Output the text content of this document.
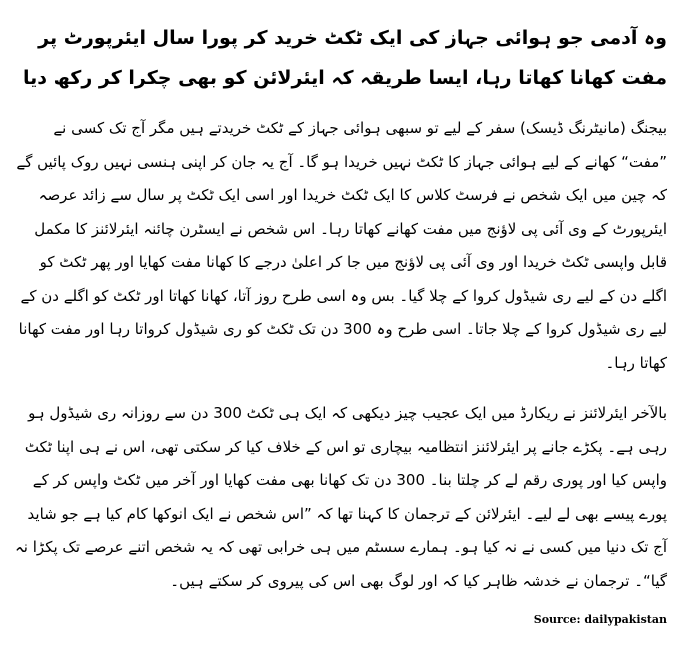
وہ آدمی جو ہوائی جہاز کی ایک ٹکٹ خرید کر پورا سال ایئرپورٹ پر مفت کھانا کھاتا رہا، ایسا طریقہ کہ ایئرلائن کو بھی چکرا کر رکھ دیا

بیجنگ (مانیٹرنگ ڈیسک) سفر کے لیے تو سبھی ہوائی جہاز کے ٹکٹ خریدتے ہیں مگر آج تک کسی نے ”مفت“ کھانے کے لیے ہوائی جہاز کا ٹکٹ نہیں خریدا ہو گا۔ آج یہ جان کر اپنی ہنسی نہیں روک پائیں گے کہ چین میں ایک شخص نے فرسٹ کلاس کا ایک ٹکٹ خریدا اور اسی ایک ٹکٹ پر سال سے زائد عرصہ ایئرپورٹ کے وی آئی پی لاؤنج میں مفت کھانے کھاتا رہا۔ اس شخص نے ایسٹرن چائنہ ایئرلائنز کا مکمل قابل واپسی ٹکٹ خریدا اور وی آئی پی لاؤنج میں جا کر اعلیٰ درجے کا کھانا مفت کھایا اور پھر ٹکٹ کو اگلے دن کے لیے ری شیڈول کروا کے چلا گیا۔ بس وہ اسی طرح روز آتا، کھانا کھاتا اور ٹکٹ کو اگلے دن کے لیے ری شیڈول کروا کے چلا جاتا۔ اسی طرح وہ 300 دن تک ٹکٹ کو ری شیڈول کرواتا رہا اور مفت کھانا کھاتا رہا۔

بالآخر ایئرلائنز نے ریکارڈ میں ایک عجیب چیز دیکھی کہ ایک ہی ٹکٹ 300 دن سے روزانہ ری شیڈول ہو رہی ہے۔ پکڑے جانے پر ایئرلائنز انتظامیہ بیچاری تو اس کے خلاف کیا کر سکتی تھی، اس نے ہی اپنا ٹکٹ واپس کیا اور پوری رقم لے کر چلتا بنا۔ 300 دن تک کھانا بھی مفت کھایا اور آخر میں ٹکٹ واپس کر کے پورے پیسے بھی لے لیے۔ ایئرلائن کے ترجمان کا کہنا تھا کہ ”اس شخص نے ایک انوکھا کام کیا ہے جو شاید آج تک دنیا میں کسی نے نہ کیا ہو۔ ہمارے سسٹم میں ہی خرابی تھی کہ یہ شخص اتنے عرصے تک پکڑا نہ گیا“۔ ترجمان نے خدشہ ظاہر کیا کہ اور لوگ بھی اس کی پیروی کر سکتے ہیں۔

Source: dailypakistan
